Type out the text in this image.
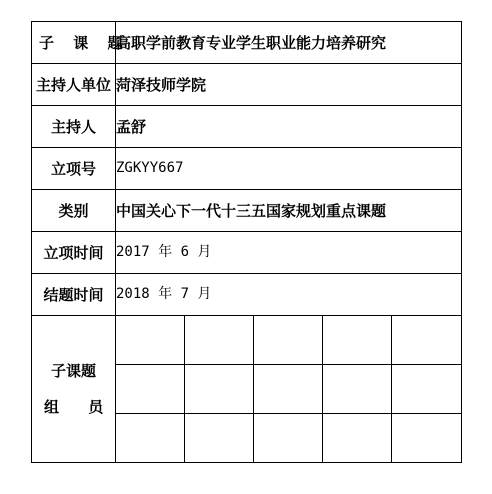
子 课 题	高职学前教育专业学生职业能力培养研究				
主持人单位	菏泽技师学院				
主持人	孟舒				
立项号	ZGKYY667				
类别	中国关心下一代十三五国家规划重点课题				
立项时间	2017 年 6 月				
结题时间	2018 年 7 月				

子课题
组 员					
